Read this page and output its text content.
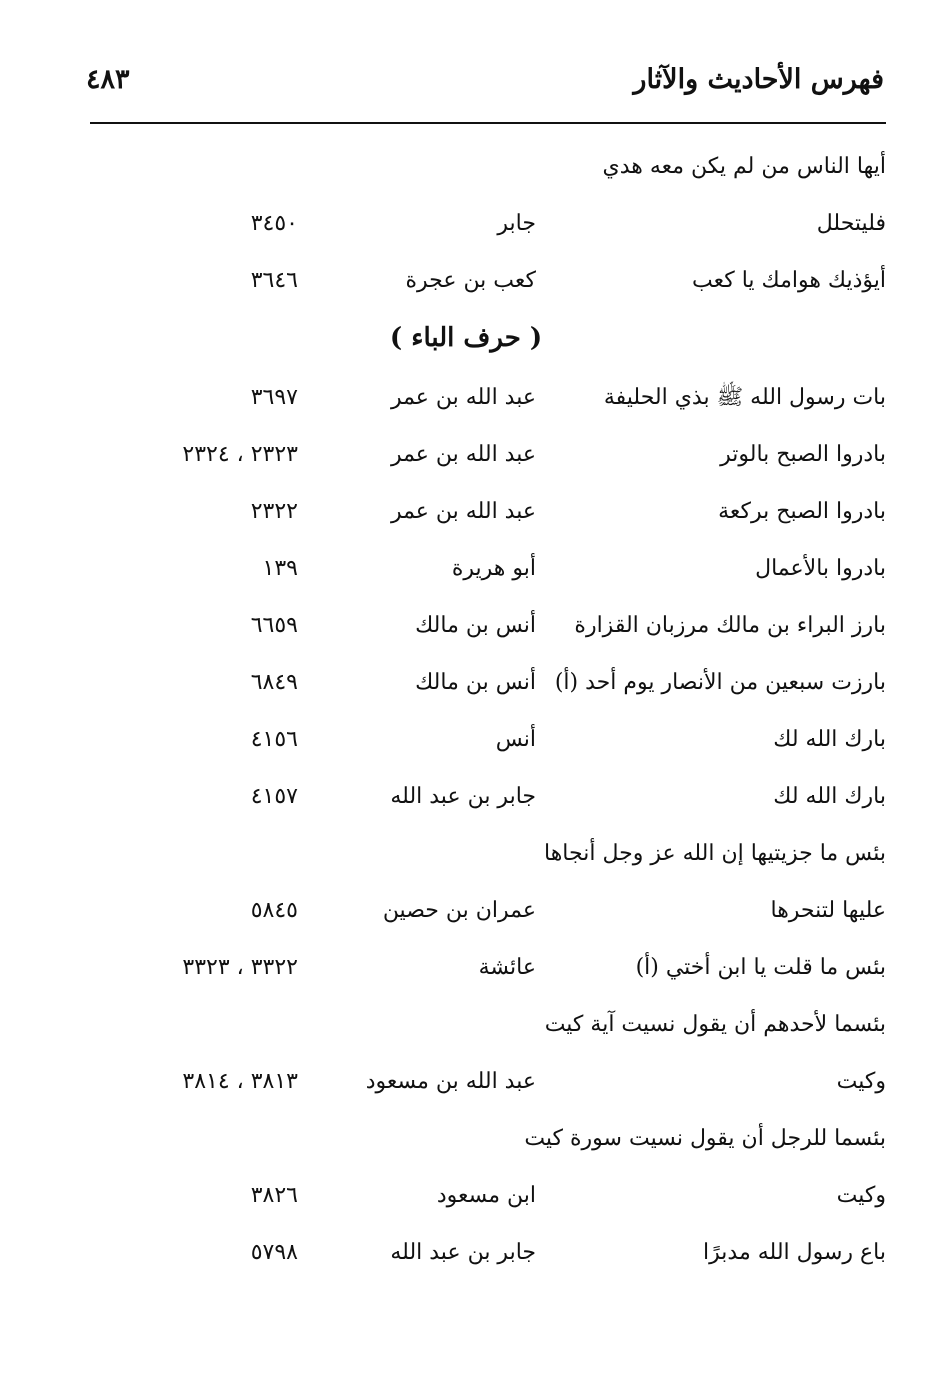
فهرس الأحاديث والآثار
٤٨٣
أيها الناس من لم يكن معه هدي
فليتحلل
جابر
٣٤٥٠
أيؤذيك هوامك يا كعب
كعب بن عجرة
٣٦٤٦
( حرف الباء )
بات رسول الله ﷺ بذي الحليفة
عبد الله بن عمر
٣٦٩٧
بادروا الصبح بالوتر
عبد الله بن عمر
٢٣٢٣ ، ٢٣٢٤
بادروا الصبح بركعة
عبد الله بن عمر
٢٣٢٢
بادروا بالأعمال
أبو هريرة
١٣٩
بارز البراء بن مالك مرزبان القزارة
أنس بن مالك
٦٦٥٩
بارزت سبعين من الأنصار يوم أحد (أ)
أنس بن مالك
٦٨٤٩
بارك الله لك
أنس
٤١٥٦
بارك الله لك
جابر بن عبد الله
٤١٥٧
بئس ما جزيتيها إن الله عز وجل أنجاها
عليها لتنحرها
عمران بن حصين
٥٨٤٥
بئس ما قلت يا ابن أختي (أ)
عائشة
٣٣٢٢ ، ٣٣٢٣
بئسما لأحدهم أن يقول نسيت آية كيت
وكيت
عبد الله بن مسعود
٣٨١٣ ، ٣٨١٤
بئسما للرجل أن يقول نسيت سورة كيت
وكيت
ابن مسعود
٣٨٢٦
باع رسول الله مدبرًا
جابر بن عبد الله
٥٧٩٨
